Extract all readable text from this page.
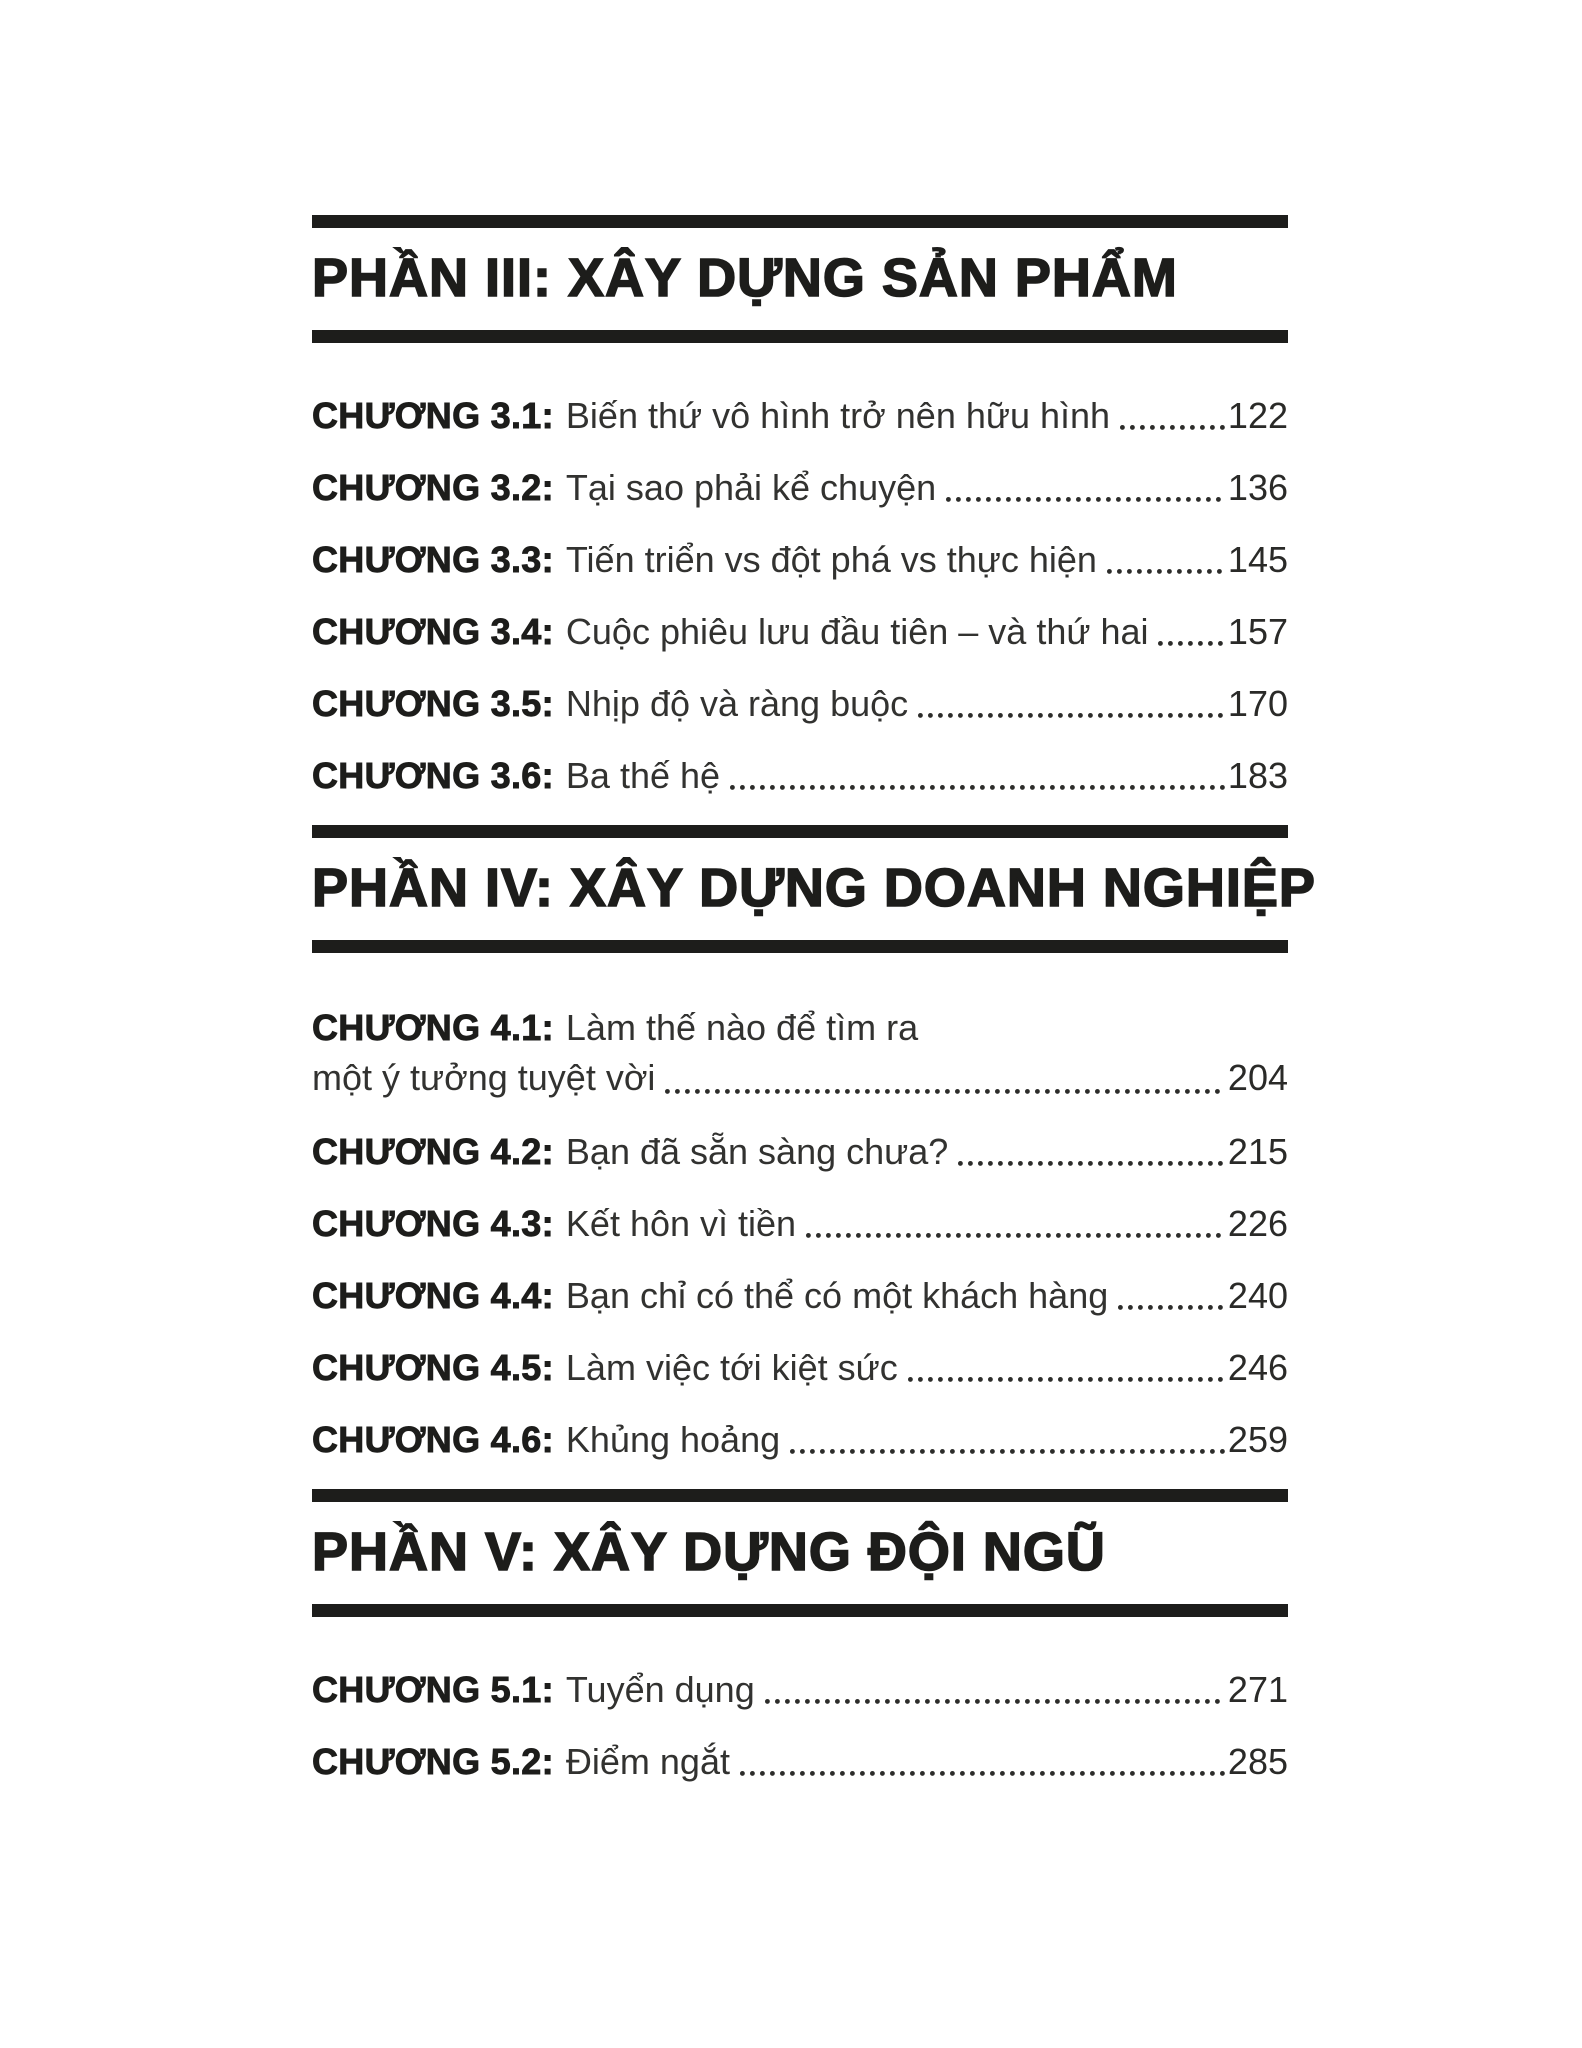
PHẦN III: XÂY DỰNG SẢN PHẨM
CHƯƠNG 3.1: Biến thứ vô hình trở nên hữu hình	122
CHƯƠNG 3.2: Tại sao phải kể chuyện	136
CHƯƠNG 3.3: Tiến triển vs đột phá vs thực hiện	145
CHƯƠNG 3.4: Cuộc phiêu lưu đầu tiên – và thứ hai 157
CHƯƠNG 3.5: Nhịp độ và ràng buộc	170
CHƯƠNG 3.6: Ba thế hệ	183
PHẦN IV: XÂY DỰNG DOANH NGHIỆP
CHƯƠNG 4.1: Làm thế nào để tìm ra
một ý tưởng tuyệt vời	204
CHƯƠNG 4.2: Bạn đã sẵn sàng chưa?	215
CHƯƠNG 4.3: Kết hôn vì tiền	226
CHƯƠNG 4.4: Bạn chỉ có thể có một khách hàng	240
CHƯƠNG 4.5: Làm việc tới kiệt sức	246
CHƯƠNG 4.6: Khủng hoảng	259
PHẦN V: XÂY DỰNG ĐỘI NGŨ
CHƯƠNG 5.1: Tuyển dụng	271
CHƯƠNG 5.2: Điểm ngắt	285
